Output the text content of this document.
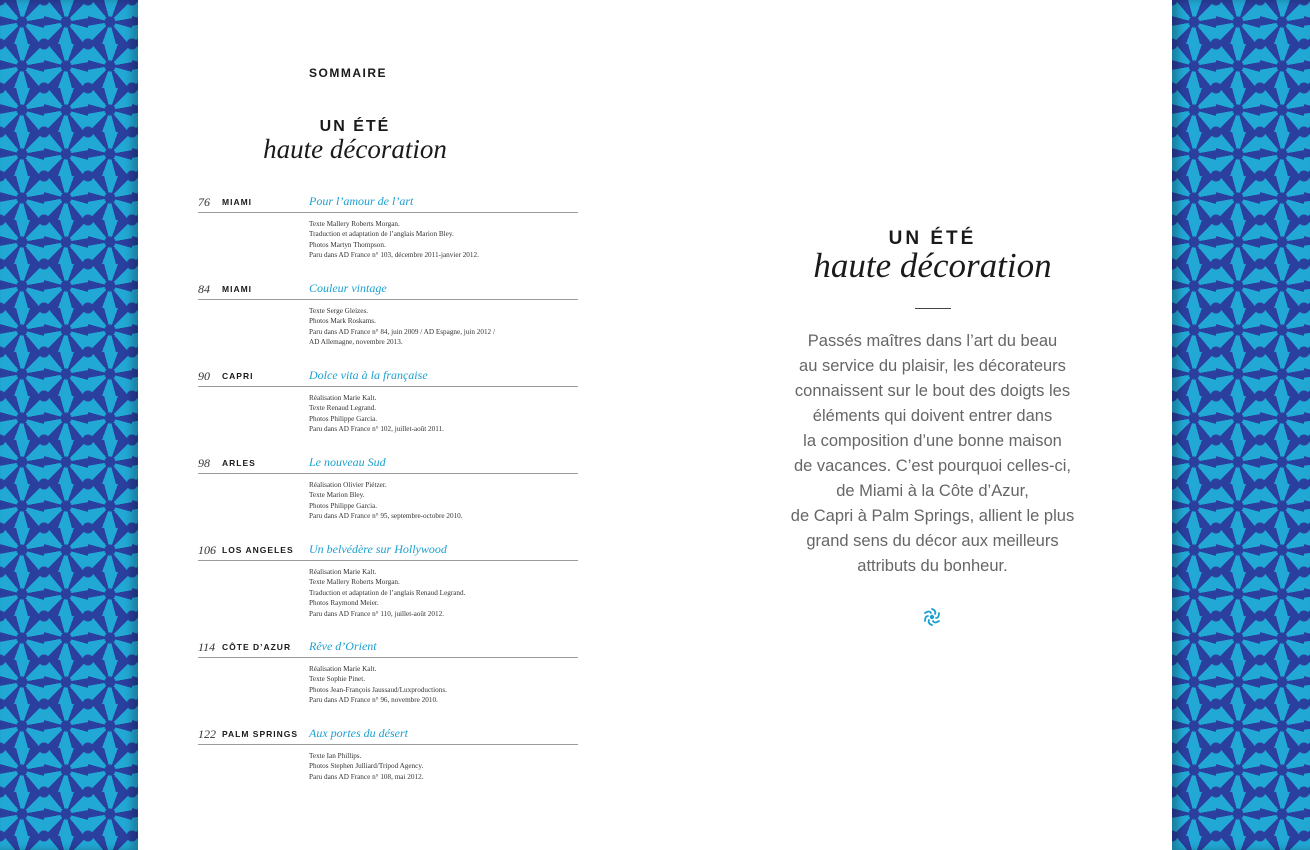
SOMMAIRE
UN ÉTÉ
haute décoration
76 MIAMI	Pour l’amour de l’art
Texte Mallery Roberts Morgan.
Traduction et adaptation de l’anglais Marion Bley.
Photos Martyn Thompson.
Paru dans AD France n° 103, décembre 2011-janvier 2012.
84 MIAMI	Couleur vintage
Texte Serge Gleizes.
Photos Mark Roskams.
Paru dans AD France n° 84, juin 2009 / AD Espagne, juin 2012 /
AD Allemagne, novembre 2013.
90 CAPRI	Dolce vita à la française
Réalisation Marie Kalt.
Texte Renaud Legrand.
Photos Philippe Garcia.
Paru dans AD France n° 102, juillet-août 2011.
98 ARLES	Le nouveau Sud
Réalisation Olivier Piétzer.
Texte Marion Bley.
Photos Philippe Garcia.
Paru dans AD France n° 95, septembre-octobre 2010.
106 LOS ANGELES Un belvédère sur Hollywood
Réalisation Marie Kalt.
Texte Mallery Roberts Morgan.
Traduction et adaptation de l’anglais Renaud Legrand.
Photos Raymond Meier.
Paru dans AD France n° 110, juillet-août 2012.
114 CÔTE D’AZUR Rêve d’Orient
Réalisation Marie Kalt.
Texte Sophie Pinet.
Photos Jean-François Jaussaud/Luxproductions.
Paru dans AD France n° 96, novembre 2010.
122 PALM SPRINGS Aux portes du désert
Texte Ian Phillips.
Photos Stephen Julliard/Tripod Agency.
Paru dans AD France n° 108, mai 2012.
UN ÉTÉ
haute décoration
Passés maîtres dans l’art du beau
au service du plaisir, les décorateurs
connaissent sur le bout des doigts les
éléments qui doivent entrer dans
la composition d’une bonne maison
de vacances. C’est pourquoi celles-ci,
de Miami à la Côte d’Azur,
de Capri à Palm Springs, allient le plus
grand sens du décor aux meilleurs
attributs du bonheur.
